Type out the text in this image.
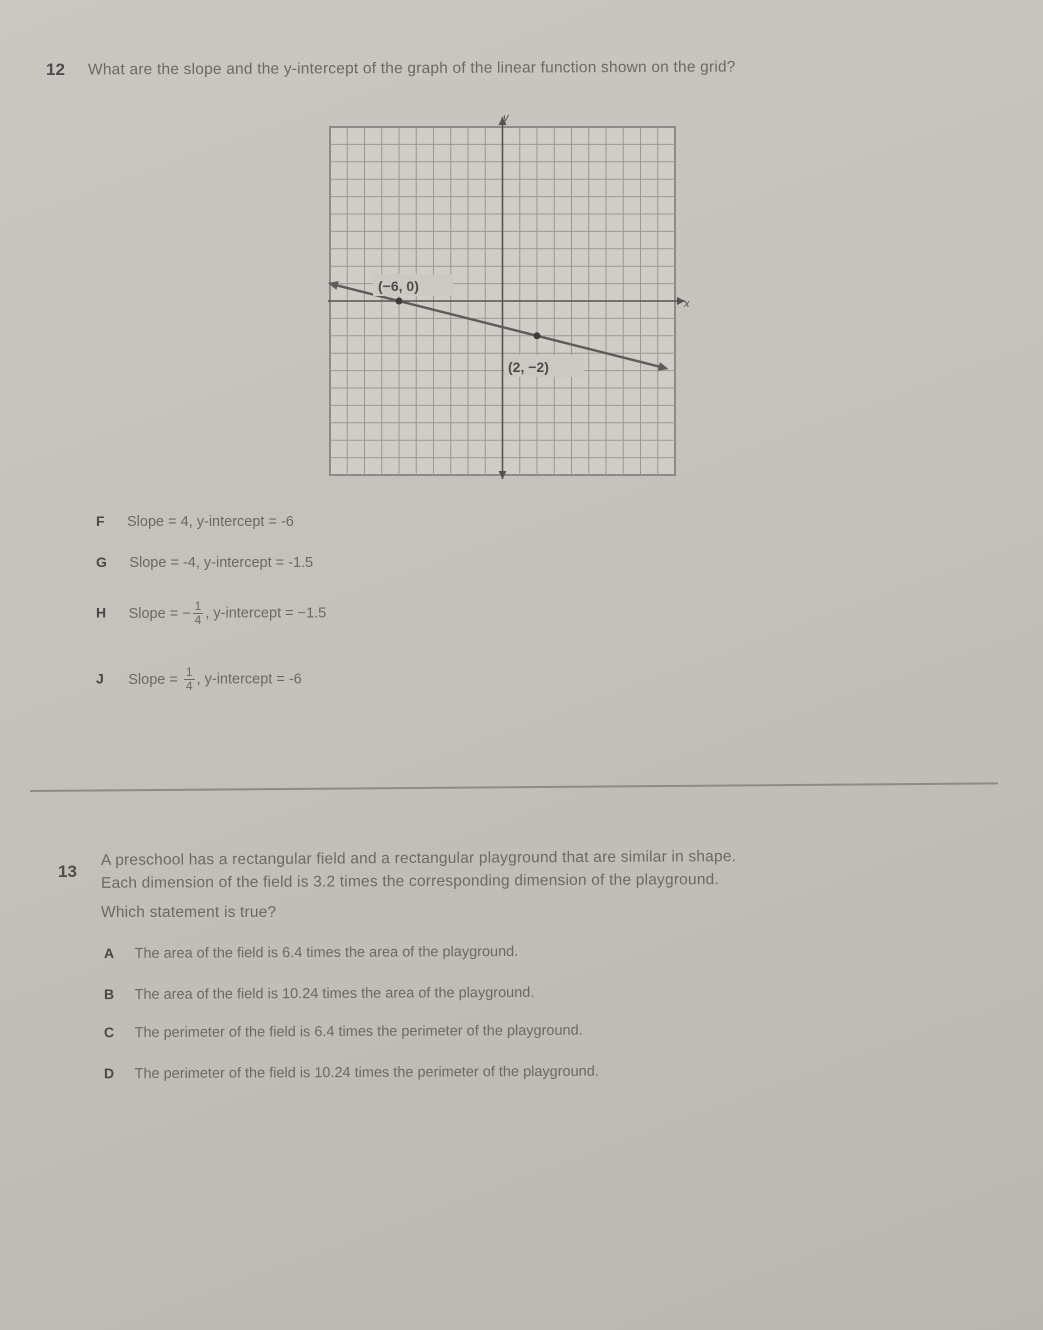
12 What are the slope and the y-intercept of the graph of the linear function shown on the grid?
y
x
(−6, 0)
(2, −2)
F Slope = 4, y-intercept = -6
G Slope = -4, y-intercept = -1.5
H Slope = − $\frac{1}{4}$ , y-intercept = −1.5
J Slope = $\frac{1}{4}$ , y-intercept = -6
13
A preschool has a rectangular field and a rectangular playground that are similar in shape.
Each dimension of the field is 3.2 times the corresponding dimension of the playground.
Which statement is true?
A The area of the field is 6.4 times the area of the playground.
B The area of the field is 10.24 times the area of the playground.
C The perimeter of the field is 6.4 times the perimeter of the playground.
D The perimeter of the field is 10.24 times the perimeter of the playground.
